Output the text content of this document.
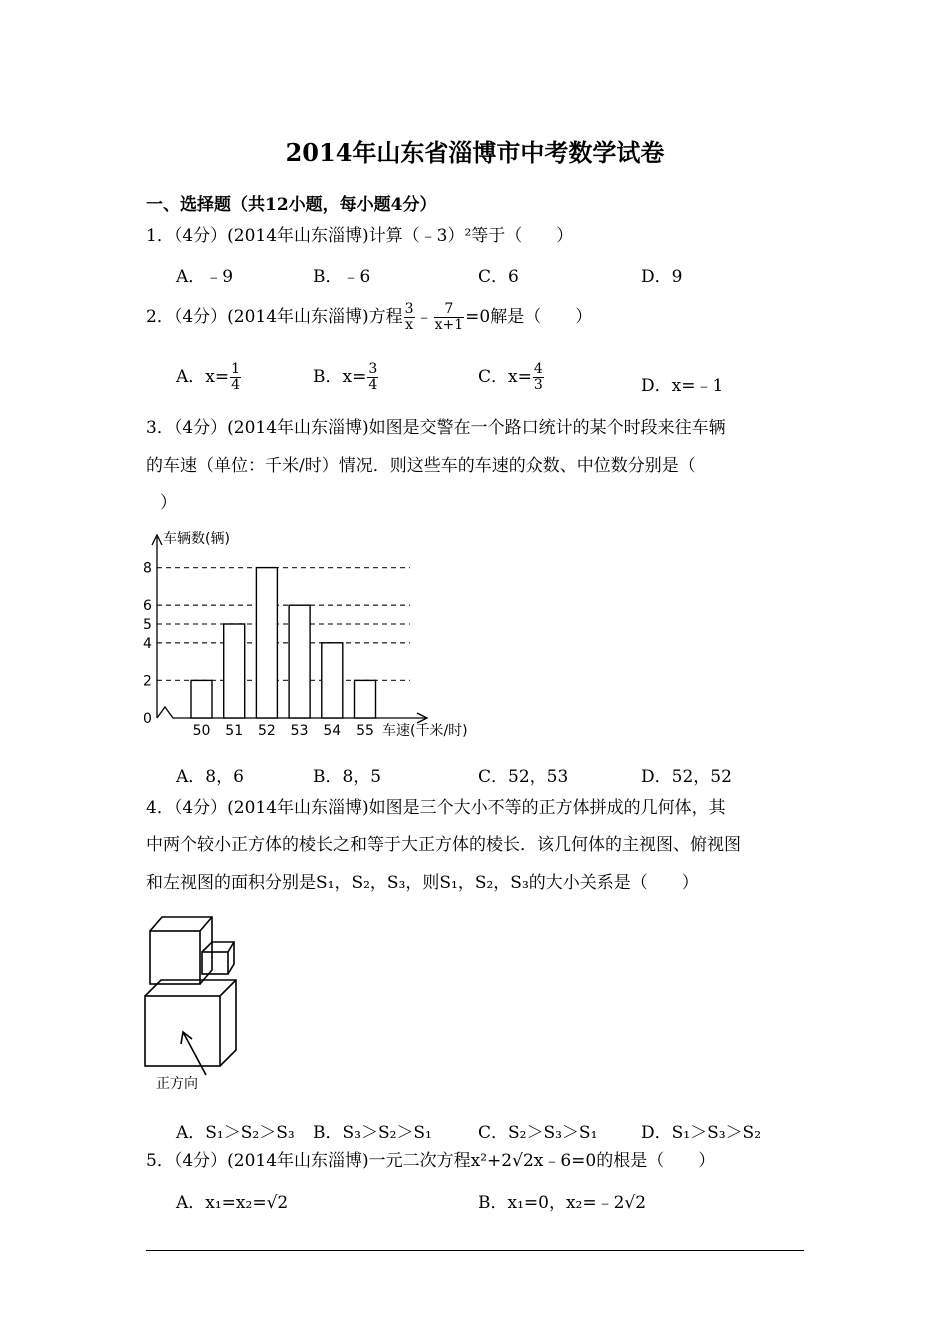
2014年山东省淄博市中考数学试卷
一、选择题（共12小题，每小题4分）
1．（4分）(2014年山东淄博)计算（﹣3）²等于（　　）
A．﹣9	B．﹣6	C．6	D．9
2．（4分）(2014年山东淄博)方程 $\frac{3}{x}$ ﹣ $\frac{7}{x+1} =0$解是（　　）
A．$x= \frac{1}{4}$	B．$x= \frac{3}{4}$	C．$x= \frac{4}{3}$	D．x=﹣1
3．（4分）(2014年山东淄博)如图是交警在一个路口统计的某个时段来往车辆
的车速（单位：千米/时）情况．则这些车的车速的众数、中位数分别是（
）
0
2
4
5
6
8
50 51 52 53 54 55
车辆数(辆)
车速(千米/时)
A．8，6	B．8，5	C．52，53	D．52，52
4．（4分）(2014年山东淄博)如图是三个大小不等的正方体拼成的几何体，其
中两个较小正方体的棱长之和等于大正方体的棱长．该几何体的主视图、俯视图
和左视图的面积分别是S₁，S₂，S₃，则S₁，S₂，S₃的大小关系是（　　）
正方向
A．S₁＞S₂＞S₃ B．S₃＞S₂＞S₁	C．S₂＞S₃＞S₁	D．S₁＞S₃＞S₂
5．（4分）(2014年山东淄博)一元二次方程x²+2√2x﹣6=0的根是（　　）
A．x₁=x₂=√2	B．x₁=0，x₂=﹣2√2
